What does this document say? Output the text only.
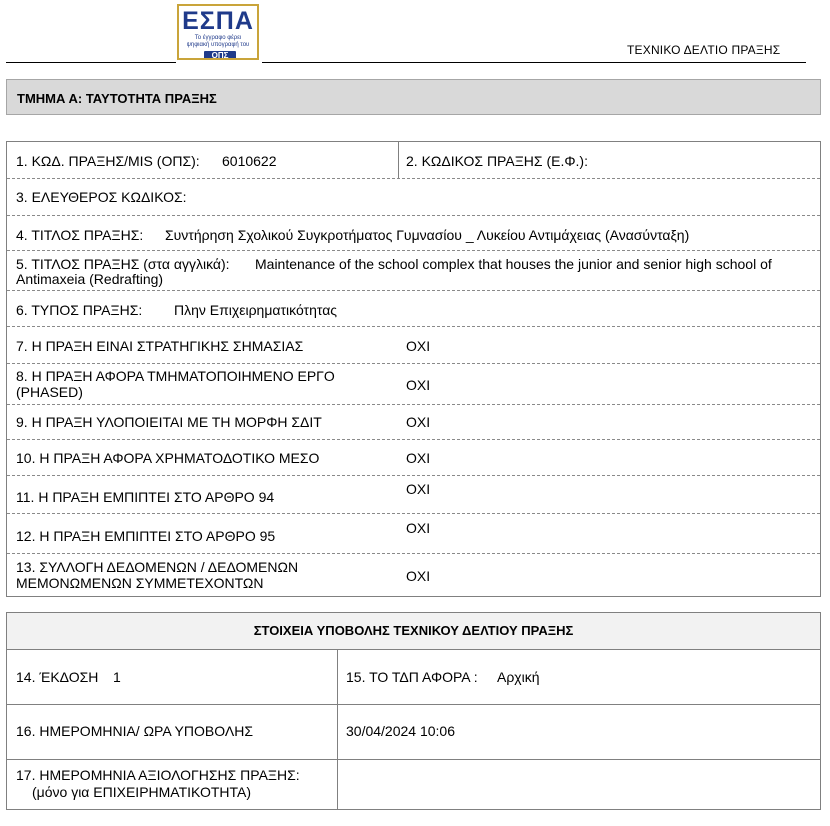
ΕΣΠΑ
Το έγγραφο φέρει
ψηφιακή υπογραφή του
ΟΠΣ	ΤΕΧΝΙΚΟ ΔΕΛΤΙΟ ΠΡΑΞΗΣ
ΤΜΗΜΑ Α: ΤΑΥΤΟΤΗΤΑ ΠΡΑΞΗΣ
1. ΚΩΔ. ΠΡΑΞΗΣ/MIS (ΟΠΣ): 6010622	2. ΚΩΔΙΚΟΣ ΠΡΑΞΗΣ (Ε.Φ.):
3. ΕΛΕΥΘΕΡΟΣ ΚΩΔΙΚΟΣ:
4. ΤΙΤΛΟΣ ΠΡΑΞΗΣ: Συντήρηση Σχολικού Συγκροτήματος Γυμνασίου _ Λυκείου Αντιμάχειας (Ανασύνταξη)
5. ΤΙΤΛΟΣ ΠΡΑΞΗΣ (στα αγγλικά): Maintenance of the school complex that houses the junior and senior high school of
Antimaxeia (Redrafting)
6. ΤΥΠΟΣ ΠΡΑΞΗΣ: Πλην Επιχειρηματικότητας
7. Η ΠΡΑΞΗ ΕΙΝΑΙ ΣΤΡΑΤΗΓΙΚΗΣ ΣΗΜΑΣΙΑΣ	ΟΧΙ
8. Η ΠΡΑΞΗ ΑΦΟΡΑ ΤΜΗΜΑΤΟΠΟΙΗΜΕΝΟ ΕΡΓΟ
(PHASED)	ΟΧΙ
9. Η ΠΡΑΞΗ ΥΛΟΠΟΙΕΙΤΑΙ ΜΕ ΤΗ ΜΟΡΦΗ ΣΔΙΤ	ΟΧΙ
10. Η ΠΡΑΞΗ ΑΦΟΡΑ ΧΡΗΜΑΤΟΔΟΤΙΚΟ ΜΕΣΟ	ΟΧΙ
11. Η ΠΡΑΞΗ ΕΜΠΙΠΤΕΙ ΣΤΟ ΑΡΘΡΟ 94	ΟΧΙ
12. Η ΠΡΑΞΗ ΕΜΠΙΠΤΕΙ ΣΤΟ ΑΡΘΡΟ 95	ΟΧΙ
13. ΣΥΛΛΟΓΗ ΔΕΔΟΜΕΝΩΝ / ΔΕΔΟΜΕΝΩΝ
ΜΕΜΟΝΩΜΕΝΩΝ ΣΥΜΜΕΤΕΧΟΝΤΩΝ	ΟΧΙ
ΣΤΟΙΧΕΙΑ ΥΠΟΒΟΛΗΣ ΤΕΧΝΙΚΟΥ ΔΕΛΤΙΟΥ ΠΡΑΞΗΣ
14. ΈΚΔΟΣΗ 1	15. ΤΟ ΤΔΠ ΑΦΟΡΑ : Αρχική
16. ΗΜΕΡΟΜΗΝΙΑ/ ΩΡΑ ΥΠΟΒΟΛΗΣ	30/04/2024 10:06
17. ΗΜΕΡΟΜΗΝΙΑ ΑΞΙΟΛΟΓΗΣΗΣ ΠΡΑΞΗΣ:
(μόνο για ΕΠΙΧΕΙΡΗΜΑΤΙΚΟΤΗΤΑ)
